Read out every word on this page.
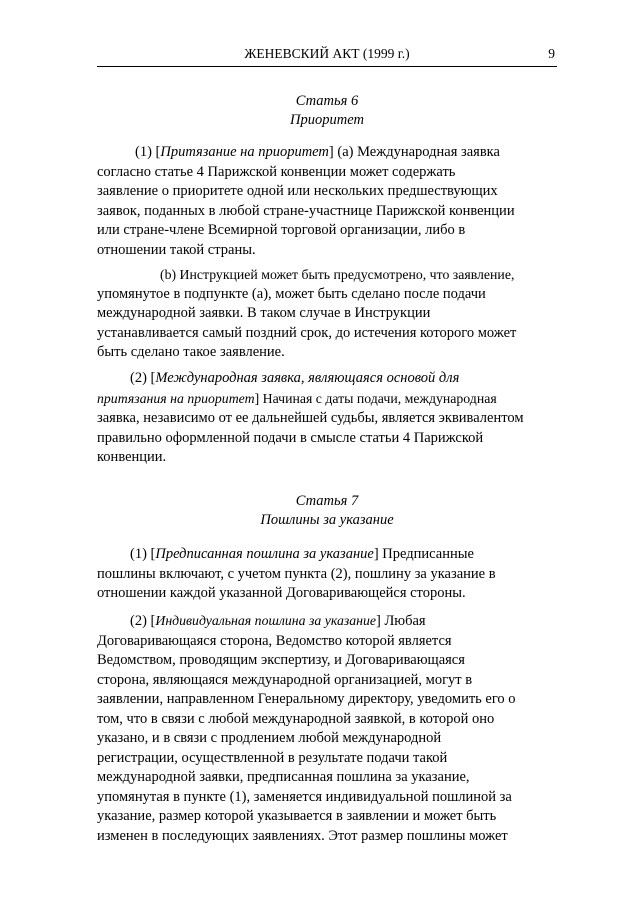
ЖЕНЕВСКИЙ АКТ (1999 г.)	9
Статья 6
Приоритет
(1) [Притязание на приоритет] (a) Международная заявка
согласно статье 4 Парижской конвенции может содержать
заявление о приоритете одной или нескольких предшествующих
заявок, поданных в любой стране-участнице Парижской конвенции
или стране-члене Всемирной торговой организации, либо в
отношении такой страны.
(b) Инструкцией может быть предусмотрено, что заявление,
упомянутое в подпункте (a), может быть сделано после подачи
международной заявки. В таком случае в Инструкции
устанавливается самый поздний срок, до истечения которого может
быть сделано такое заявление.
(2) [Международная заявка, являющаяся основой для
притязания на приоритет] Начиная с даты подачи, международная
заявка, независимо от ее дальнейшей судьбы, является эквивалентом
правильно оформленной подачи в смысле статьи 4 Парижской
конвенции.
Статья 7
Пошлины за указание
(1) [Предписанная пошлина за указание] Предписанные
пошлины включают, с учетом пункта (2), пошлину за указание в
отношении каждой указанной Договаривающейся стороны.
(2) [Индивидуальная пошлина за указание] Любая
Договаривающаяся сторона, Ведомство которой является
Ведомством, проводящим экспертизу, и Договаривающаяся
сторона, являющаяся международной организацией, могут в
заявлении, направленном Генеральному директору, уведомить его о
том, что в связи с любой международной заявкой, в которой оно
указано, и в связи с продлением любой международной
регистрации, осуществленной в результате подачи такой
международной заявки, предписанная пошлина за указание,
упомянутая в пункте (1), заменяется индивидуальной пошлиной за
указание, размер которой указывается в заявлении и может быть
изменен в последующих заявлениях. Этот размер пошлины может
